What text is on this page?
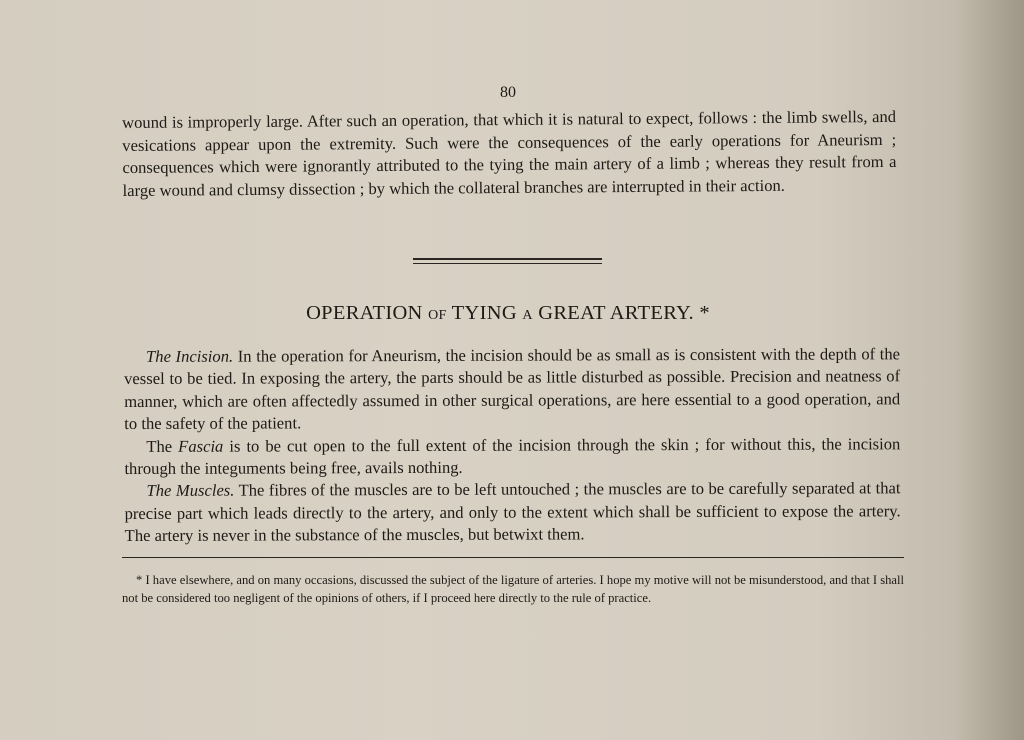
80
wound is improperly large. After such an operation, that which it is natural to expect, follows : the limb swells, and vesications appear upon the extremity. Such were the consequences of the early operations for Aneurism ; consequences which were ignorantly attributed to the tying the main artery of a limb ; whereas they result from a large wound and clumsy dissection ; by which the collateral branches are interrupted in their action.
OPERATION OF TYING A GREAT ARTERY. *

The Incision. In the operation for Aneurism, the incision should be as small as is consistent with the depth of the vessel to be tied. In exposing the artery, the parts should be as little disturbed as possible. Precision and neatness of manner, which are often affectedly assumed in other surgical operations, are here essential to a good operation, and to the safety of the patient.

The Fascia is to be cut open to the full extent of the incision through the skin ; for without this, the incision through the integuments being free, avails nothing.

The Muscles. The fibres of the muscles are to be left untouched ; the muscles are to be carefully separated at that precise part which leads directly to the artery, and only to the extent which shall be sufficient to expose the artery. The artery is never in the substance of the muscles, but betwixt them.

* I have elsewhere, and on many occasions, discussed the subject of the ligature of arteries. I hope my motive will not be misunderstood, and that I shall not be considered too negligent of the opinions of others, if I proceed here directly to the rule of practice.
